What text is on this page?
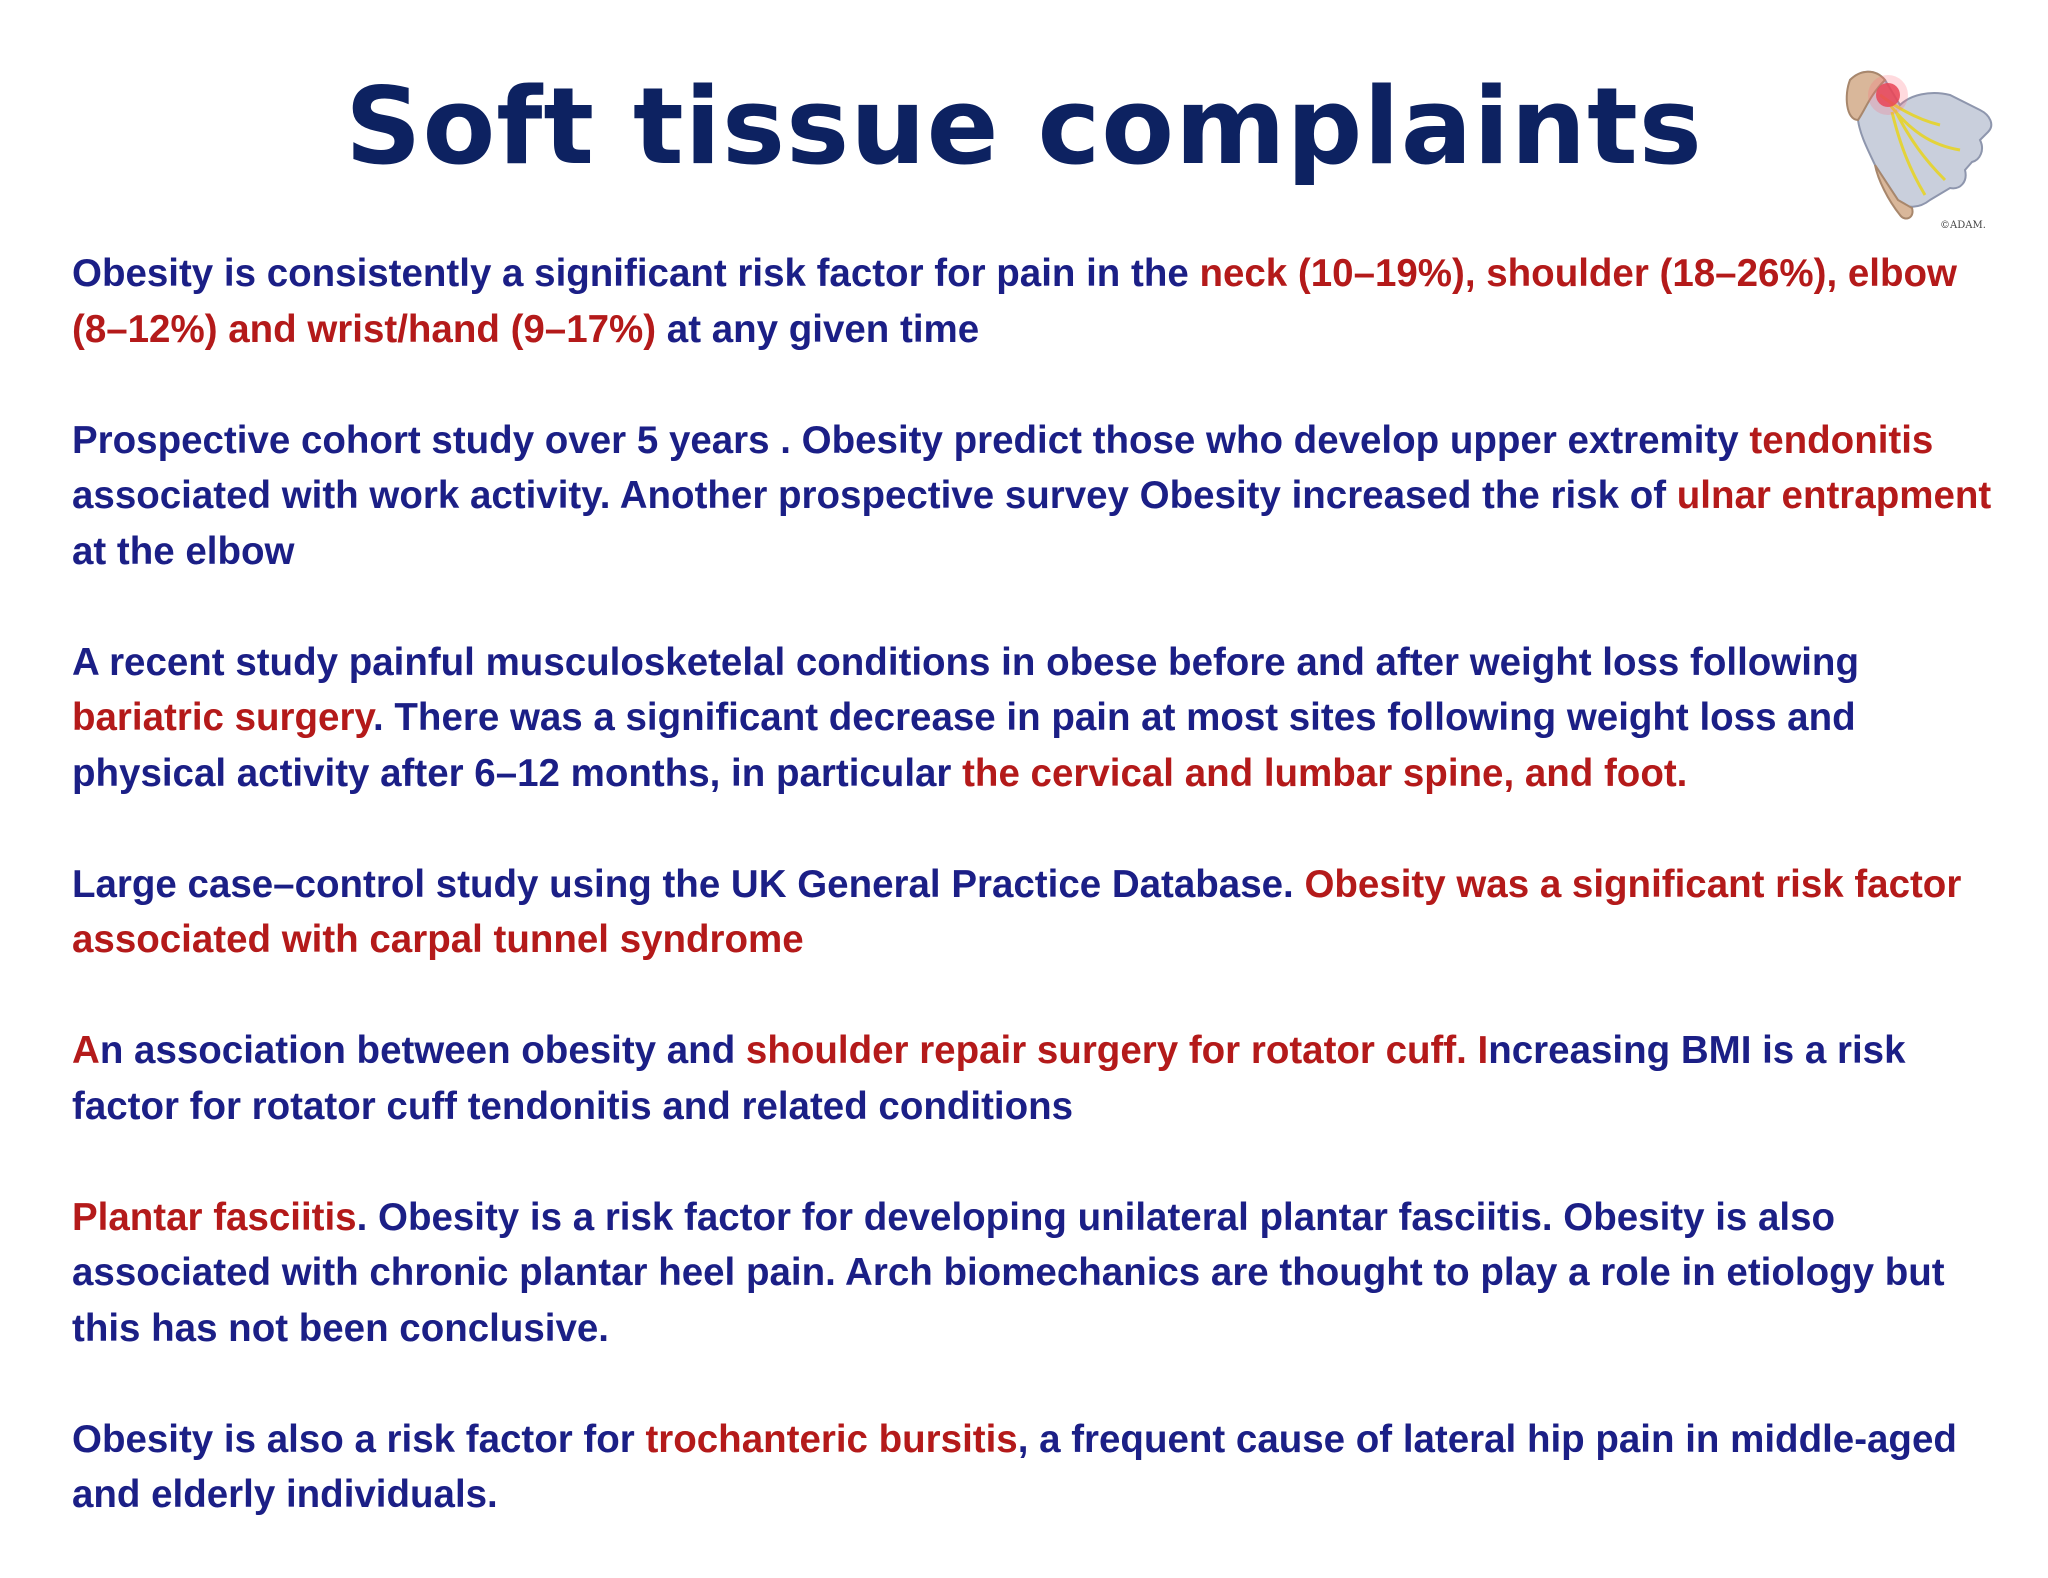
Soft tissue complaints
©ADAM.

Obesity is consistently a significant risk factor for pain in the neck (10–19%), shoulder (18–26%), elbow (8–12%) and wrist/hand (9–17%) at any given time

Prospective cohort study over 5 years . Obesity predict those who develop upper extremity tendonitis associated with work activity. Another prospective survey Obesity increased the risk of ulnar entrapment at the elbow

A recent study painful musculosketelal conditions in obese before and after weight loss following bariatric surgery. There was a significant decrease in pain at most sites following weight loss and physical activity after 6–12 months, in particular the cervical and lumbar spine, and foot.

Large case–control study using the UK General Practice Database. Obesity was a significant risk factor associated with carpal tunnel syndrome

An association between obesity and shoulder repair surgery for rotator cuff. Increasing BMI is a risk factor for rotator cuff tendonitis and related conditions

Plantar fasciitis. Obesity is a risk factor for developing unilateral plantar fasciitis. Obesity is also associated with chronic plantar heel pain. Arch biomechanics are thought to play a role in etiology but this has not been conclusive.

Obesity is also a risk factor for trochanteric bursitis, a frequent cause of lateral hip pain in middle-aged and elderly individuals.
